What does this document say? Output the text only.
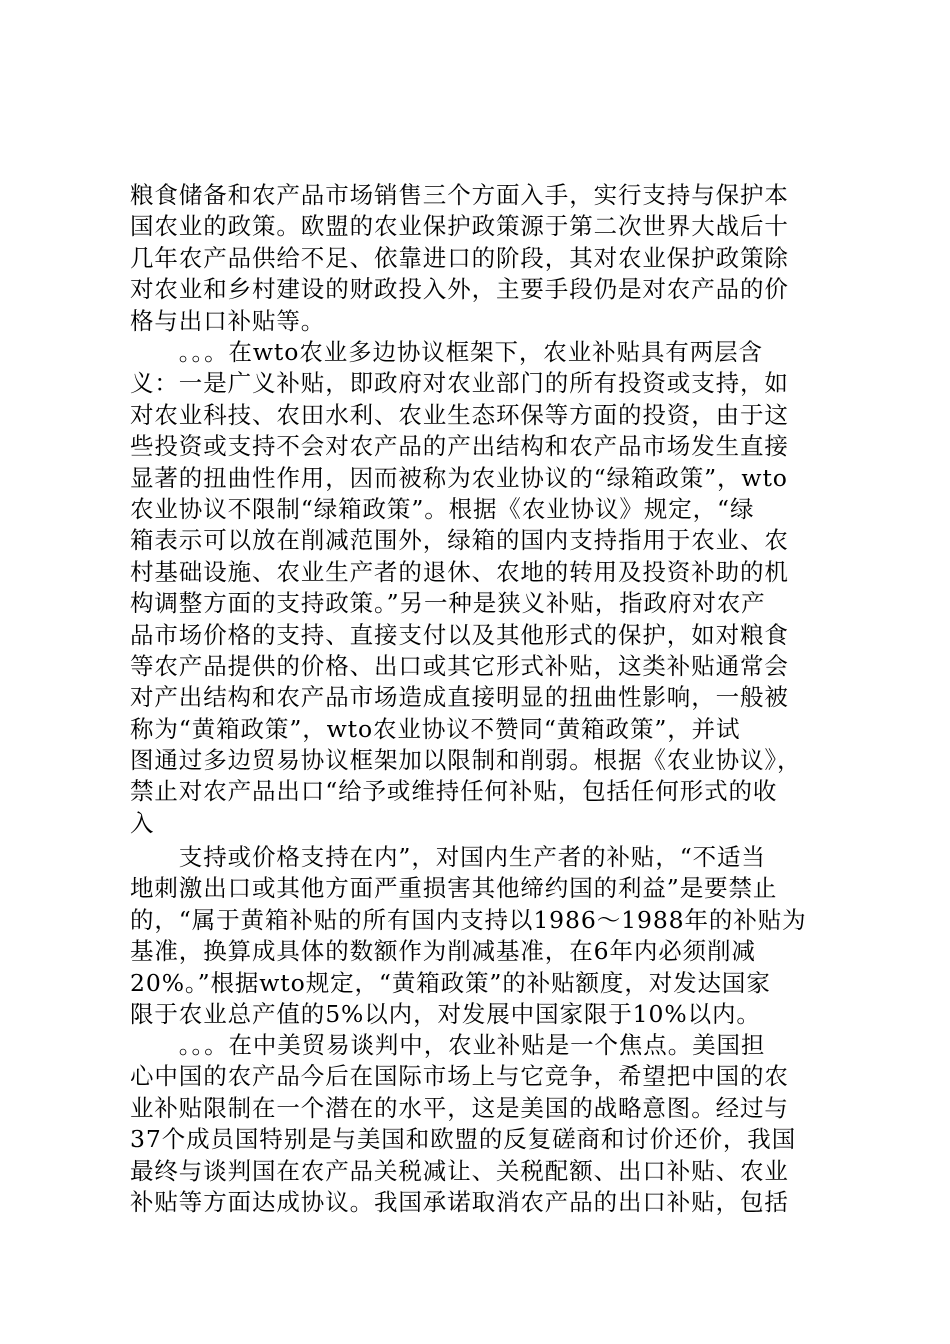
粮食储备和农产品市场销售三个方面入手，实行支持与保护本
国农业的政策。欧盟的农业保护政策源于第二次世界大战后十
几年农产品供给不足、依靠进口的阶段，其对农业保护政策除
对农业和乡村建设的财政投入外，主要手段仍是对农产品的价
格与出口补贴等。
　　。。。在wto农业多边协议框架下，农业补贴具有两层含
义：一是广义补贴，即政府对农业部门的所有投资或支持，如
对农业科技、农田水利、农业生态环保等方面的投资，由于这
些投资或支持不会对农产品的产出结构和农产品市场发生直接
显著的扭曲性作用，因而被称为农业协议的“绿箱政策”，wto
农业协议不限制“绿箱政策”。根据《农业协议》规定，“绿
箱表示可以放在削减范围外，绿箱的国内支持指用于农业、农
村基础设施、农业生产者的退休、农地的转用及投资补助的机
构调整方面的支持政策。”另一种是狭义补贴，指政府对农产
品市场价格的支持、直接支付以及其他形式的保护，如对粮食
等农产品提供的价格、出口或其它形式补贴，这类补贴通常会
对产出结构和农产品市场造成直接明显的扭曲性影响，一般被
称为“黄箱政策”，wto农业协议不赞同“黄箱政策”，并试
图通过多边贸易协议框架加以限制和削弱。根据《农业协议》，
禁止对农产品出口“给予或维持任何补贴，包括任何形式的收
入
　　支持或价格支持在内”，对国内生产者的补贴，“不适当
地刺激出口或其他方面严重损害其他缔约国的利益”是要禁止
的，“属于黄箱补贴的所有国内支持以1986～1988年的补贴为
基准，换算成具体的数额作为削减基准，在6年内必须削减
20%。”根据wto规定，“黄箱政策”的补贴额度，对发达国家
限于农业总产值的5%以内，对发展中国家限于10%以内。
　　。。。在中美贸易谈判中，农业补贴是一个焦点。美国担
心中国的农产品今后在国际市场上与它竞争，希望把中国的农
业补贴限制在一个潜在的水平，这是美国的战略意图。经过与
37个成员国特别是与美国和欧盟的反复磋商和讨价还价，我国
最终与谈判国在农产品关税减让、关税配额、出口补贴、农业
补贴等方面达成协议。我国承诺取消农产品的出口补贴，包括
